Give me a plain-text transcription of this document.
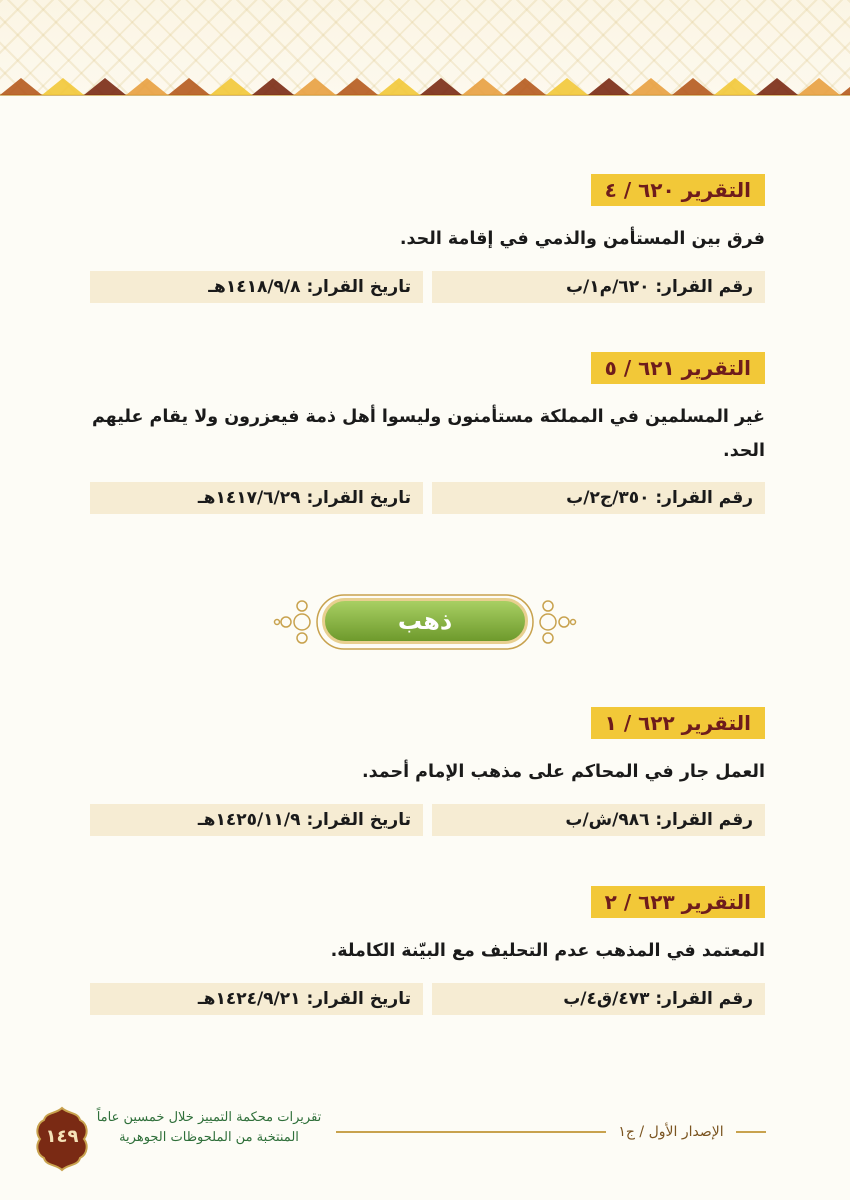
التقرير ٦٢٠ / ٤
فرق بين المستأمن والذمي في إقامة الحد.
رقم القرار: ٦٢٠/م١/ب
تاريخ القرار: ١٤١٨/٩/٨هـ
التقرير ٦٢١ / ٥
غير المسلمين في المملكة مستأمنون وليسوا أهل ذمة فيعزرون ولا يقام عليهم الحد.
رقم القرار: ٣٥٠/ج٢/ب
تاريخ القرار: ١٤١٧/٦/٢٩هـ
ذهب
التقرير ٦٢٢ / ١
العمل جار في المحاكم على مذهب الإمام أحمد.
رقم القرار: ٩٨٦/ش/ب
تاريخ القرار: ١٤٢٥/١١/٩هـ
التقرير ٦٢٣ / ٢
المعتمد في المذهب عدم التحليف مع البيّنة الكاملة.
رقم القرار: ٤٧٣/ق٤/ب
تاريخ القرار: ١٤٢٤/٩/٢١هـ
الإصدار الأول / ج١
تقريرات محكمة التمييز خلال خمسين عاماً
المنتخبة من الملحوظات الجوهرية
١٤٩
